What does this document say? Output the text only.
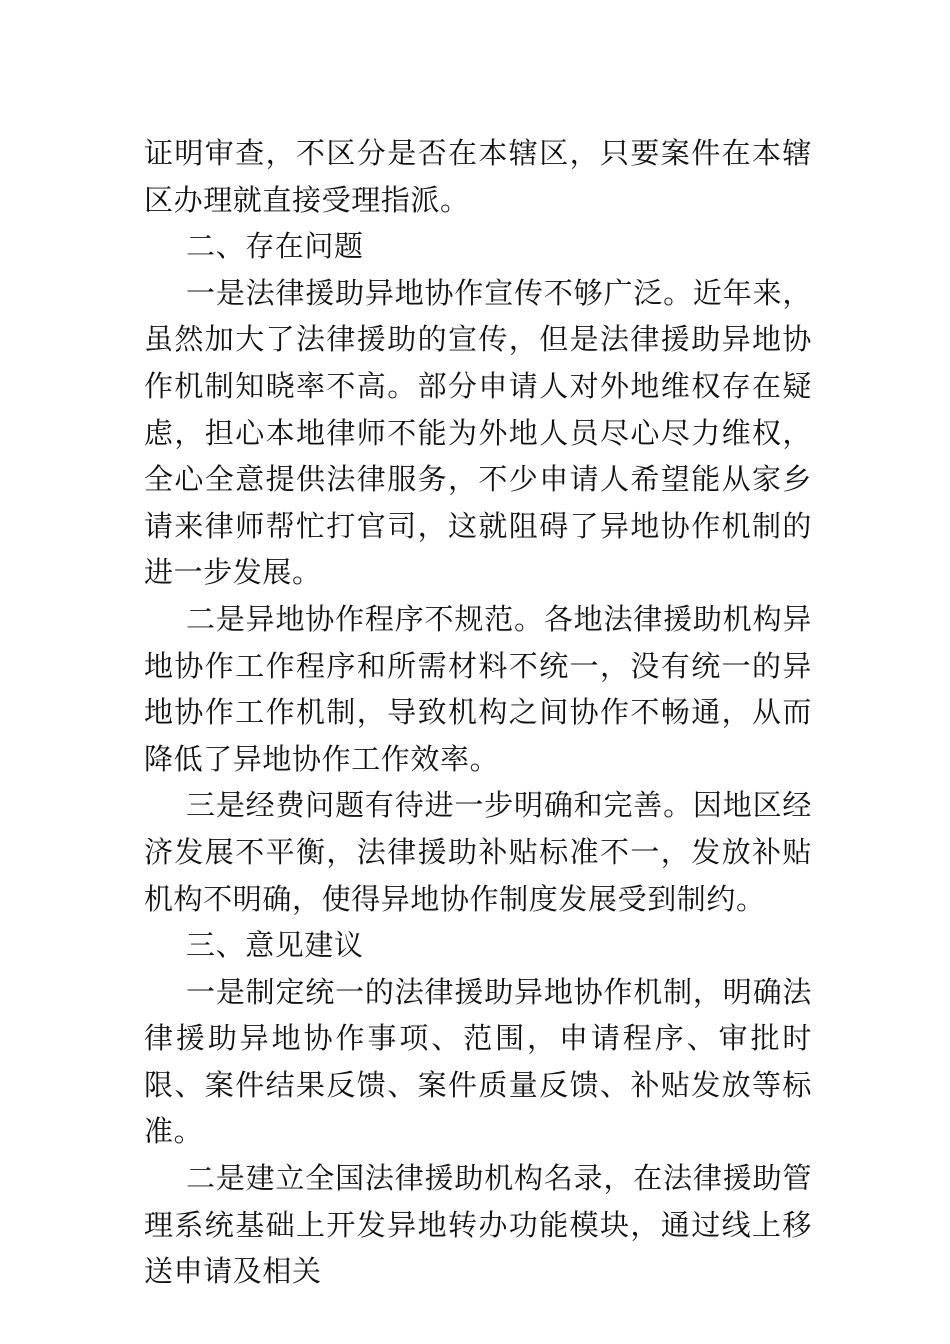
证明审查，不区分是否在本辖区，只要案件在本辖区办理就直接受理指派。

二、存在问题

一是法律援助异地协作宣传不够广泛。近年来，虽然加大了法律援助的宣传，但是法律援助异地协作机制知晓率不高。部分申请人对外地维权存在疑虑，担心本地律师不能为外地人员尽心尽力维权，全心全意提供法律服务，不少申请人希望能从家乡请来律师帮忙打官司，这就阻碍了异地协作机制的进一步发展。

二是异地协作程序不规范。各地法律援助机构异地协作工作程序和所需材料不统一，没有统一的异地协作工作机制，导致机构之间协作不畅通，从而降低了异地协作工作效率。

三是经费问题有待进一步明确和完善。因地区经济发展不平衡，法律援助补贴标准不一，发放补贴机构不明确，使得异地协作制度发展受到制约。

三、意见建议

一是制定统一的法律援助异地协作机制，明确法律援助异地协作事项、范围，申请程序、审批时限、案件结果反馈、案件质量反馈、补贴发放等标准。

二是建立全国法律援助机构名录，在法律援助管理系统基础上开发异地转办功能模块，通过线上移送申请及相关
